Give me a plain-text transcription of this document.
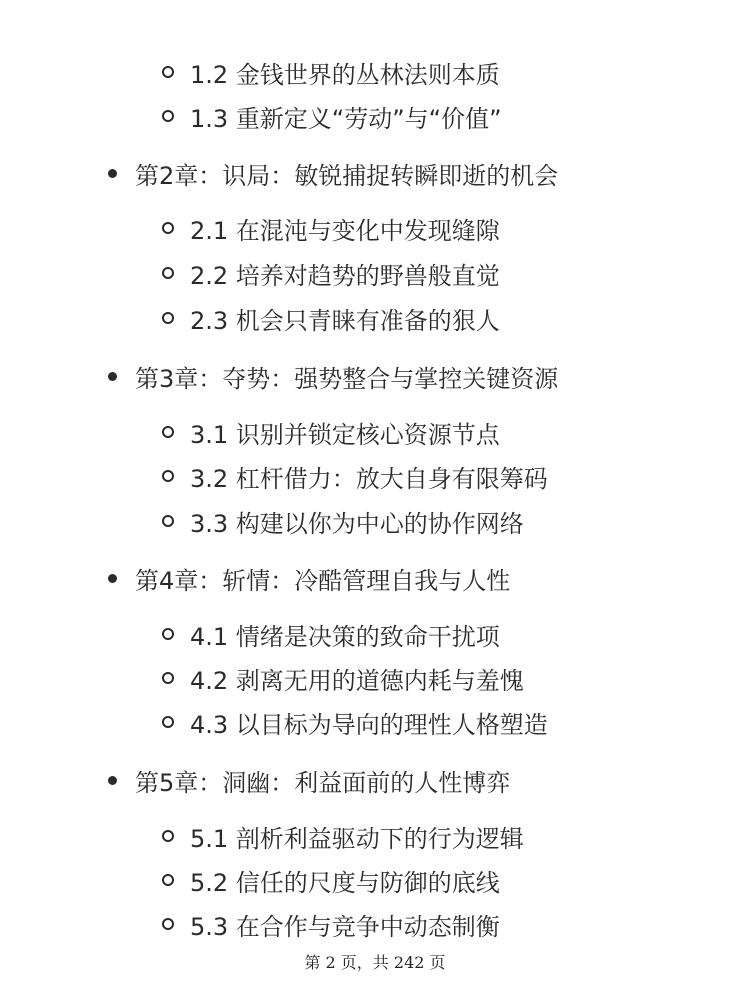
1.2 金钱世界的丛林法则本质
1.3 重新定义“劳动”与“价值”
第2章：识局：敏锐捕捉转瞬即逝的机会
2.1 在混沌与变化中发现缝隙
2.2 培养对趋势的野兽般直觉
2.3 机会只青睐有准备的狠人
第3章：夺势：强势整合与掌控关键资源
3.1 识别并锁定核心资源节点
3.2 杠杆借力：放大自身有限筹码
3.3 构建以你为中心的协作网络
第4章：斩情：冷酷管理自我与人性
4.1 情绪是决策的致命干扰项
4.2 剥离无用的道德内耗与羞愧
4.3 以目标为导向的理性人格塑造
第5章：洞幽：利益面前的人性博弈
5.1 剖析利益驱动下的行为逻辑
5.2 信任的尺度与防御的底线
5.3 在合作与竞争中动态制衡
第 2 页，共 242 页
